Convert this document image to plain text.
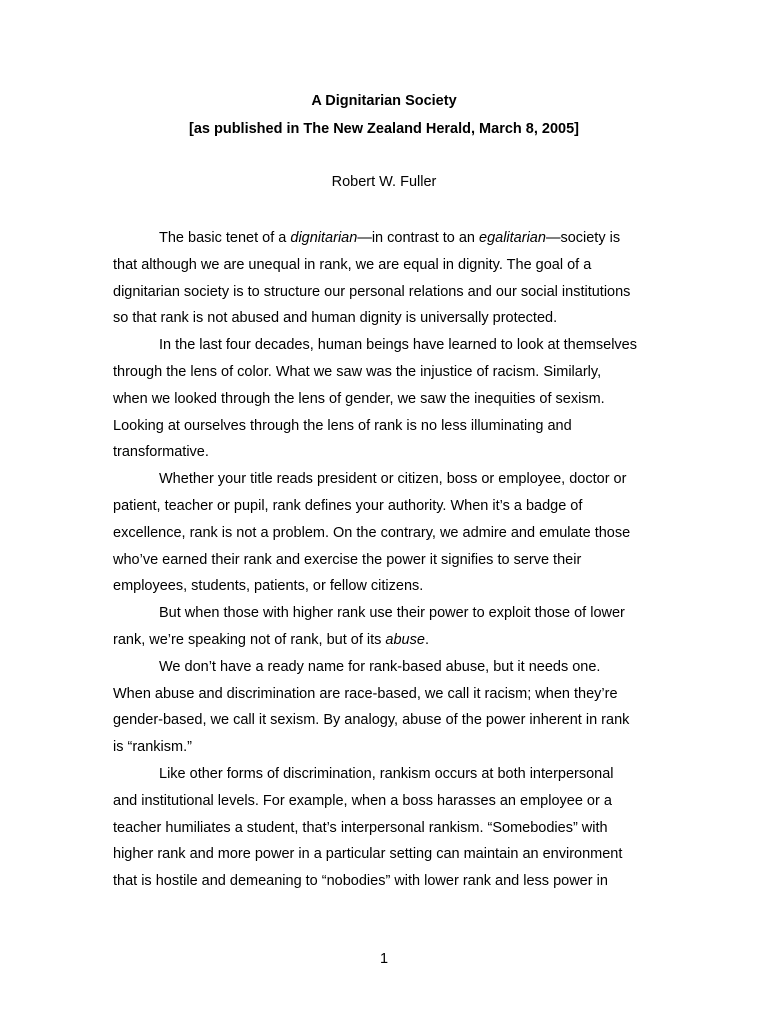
A Dignitarian Society
[as published in The New Zealand Herald, March 8, 2005]
Robert W. Fuller

The basic tenet of a dignitarian—in contrast to an egalitarian—society is
that although we are unequal in rank, we are equal in dignity. The goal of a
dignitarian society is to structure our personal relations and our social institutions
so that rank is not abused and human dignity is universally protected.

In the last four decades, human beings have learned to look at themselves
through the lens of color. What we saw was the injustice of racism. Similarly,
when we looked through the lens of gender, we saw the inequities of sexism.
Looking at ourselves through the lens of rank is no less illuminating and
transformative.

Whether your title reads president or citizen, boss or employee, doctor or
patient, teacher or pupil, rank defines your authority. When it’s a badge of
excellence, rank is not a problem. On the contrary, we admire and emulate those
who’ve earned their rank and exercise the power it signifies to serve their
employees, students, patients, or fellow citizens.

But when those with higher rank use their power to exploit those of lower
rank, we’re speaking not of rank, but of its abuse.

We don’t have a ready name for rank-based abuse, but it needs one.
When abuse and discrimination are race-based, we call it racism; when they’re
gender-based, we call it sexism. By analogy, abuse of the power inherent in rank
is “rankism.”

Like other forms of discrimination, rankism occurs at both interpersonal
and institutional levels. For example, when a boss harasses an employee or a
teacher humiliates a student, that’s interpersonal rankism. “Somebodies” with
higher rank and more power in a particular setting can maintain an environment
that is hostile and demeaning to “nobodies” with lower rank and less power in

1
